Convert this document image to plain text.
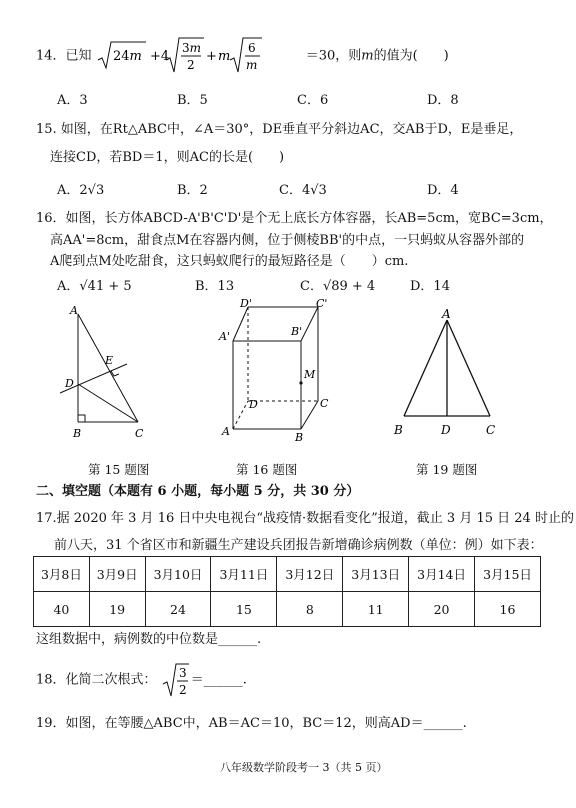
14．已知 24m +4
3m
2
+ m
6
m
＝30，则m的值为(　　)
A．3	B．5	C．6	D．8
15. 如图，在Rt△ABC中，∠A＝30°，DE垂直平分斜边AC，交AB于D，E是垂足，
连接CD，若BD＝1，则AC的长是(　　)
A．2√3	B．2	C．4√3	D．4
16．如图，长方体ABCD-A'B'C'D'是个无上底长方体容器，长AB=5cm，宽BC=3cm，
高AA'=8cm，甜食点M在容器内侧，位于侧棱BB'的中点，一只蚂蚁从容器外部的
A爬到点M处吃甜食，这只蚂蚁爬行的最短路径是（　　）cm.
A．√41 + 5	B．13	C．√89 + 4	D．14
A
E
D
B	C
第 15 题图
D'	C'
A'	B'
M
D	C
A	B
第 16 题图
A
B	D	C
第 19 题图
二、填空题（本题有 6 小题，每小题 5 分，共 30 分）
17.据 2020 年 3 月 16 日中央电视台“战疫情·数据看变化”报道，截止 3 月 15 日 24 时止的
前八天，31 个省区市和新疆生产建设兵团报告新增确诊病例数（单位：例）如下表：
3月8日	3月9日	3月10日	3月11日	3月12日	3月13日	3月14日	3月15日
40	19	24	15	8	11	20	16
这组数据中，病例数的中位数是______.
18．化简二次根式： 3
2
＝______.
19．如图，在等腰△ABC中，AB＝AC＝10，BC＝12，则高AD＝______.
八年级数学阶段考一 3（共 5 页）
